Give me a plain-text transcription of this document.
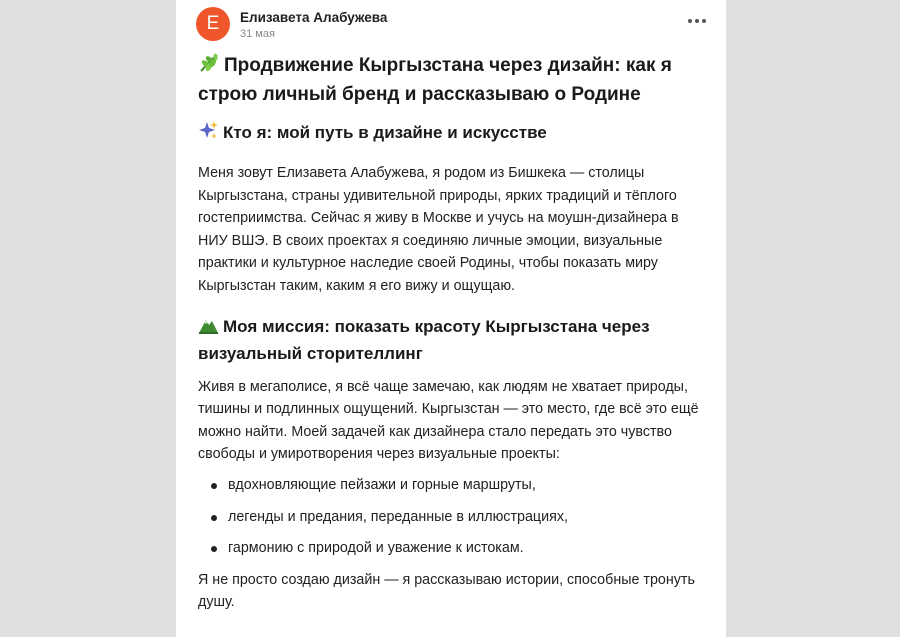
Е	Елизавета Алабужева
31 мая
Продвижение Кыргызстана через дизайн: как я строю личный бренд и рассказываю о Родине
Кто я: мой путь в дизайне и искусстве

Меня зовут Елизавета Алабужева, я родом из Бишкека — столицы Кыргызстана, страны удивительной природы, ярких традиций и тёплого гостеприимства. Сейчас я живу в Москве и учусь на моушн-дизайнера в НИУ ВШЭ. В своих проектах я соединяю личные эмоции, визуальные практики и культурное наследие своей Родины, чтобы показать миру Кыргызстан таким, каким я его вижу и ощущаю.

Моя миссия: показать красоту Кыргызстана через визуальный сторителлинг

Живя в мегаполисе, я всё чаще замечаю, как людям не хватает природы, тишины и подлинных ощущений. Кыргызстан — это место, где всё это ещё можно найти. Моей задачей как дизайнера стало передать это чувство свободы и умиротворения через визуальные проекты:

вдохновляющие пейзажи и горные маршруты,
легенды и предания, переданные в иллюстрациях,
гармонию с природой и уважение к истокам.

Я не просто создаю дизайн — я рассказываю истории, способные тронуть душу.
